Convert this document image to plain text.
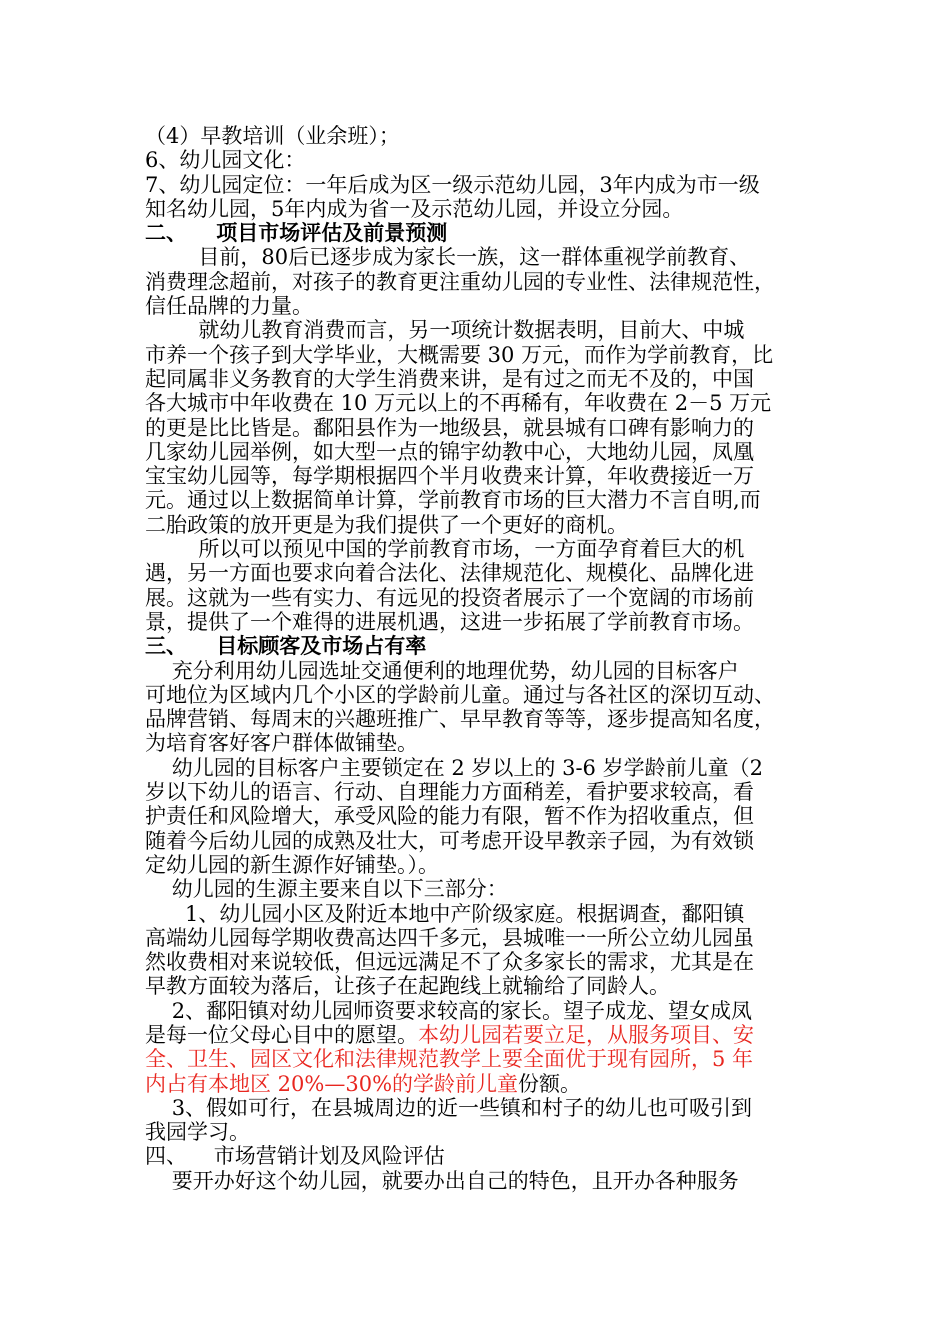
（4）早教培训（业余班）；
6、幼儿园文化：
7、幼儿园定位：一年后成为区一级示范幼儿园，3年内成为市一级
知名幼儿园，5年内成为省一及示范幼儿园，并设立分园。
二、    项目市场评估及前景预测
目前，80后已逐步成为家长一族，这一群体重视学前教育、
消费理念超前，对孩子的教育更注重幼儿园的专业性、法律规范性，
信任品牌的力量。
就幼儿教育消费而言，另一项统计数据表明，目前大、中城
市养一个孩子到大学毕业，大概需要 30 万元，而作为学前教育，比
起同属非义务教育的大学生消费来讲，是有过之而无不及的，中国
各大城市中年收费在 10 万元以上的不再稀有，年收费在 2－5 万元
的更是比比皆是。鄱阳县作为一地级县，就县城有口碑有影响力的
几家幼儿园举例，如大型一点的锦宇幼教中心，大地幼儿园，凤凰
宝宝幼儿园等，每学期根据四个半月收费来计算，年收费接近一万
元。通过以上数据简单计算，学前教育市场的巨大潜力不言自明,而
二胎政策的放开更是为我们提供了一个更好的商机。
所以可以预见中国的学前教育市场，一方面孕育着巨大的机
遇，另一方面也要求向着合法化、法律规范化、规模化、品牌化进
展。这就为一些有实力、有远见的投资者展示了一个宽阔的市场前
景，提供了一个难得的进展机遇，这进一步拓展了学前教育市场。
三、    目标顾客及市场占有率
充分利用幼儿园选址交通便利的地理优势，幼儿园的目标客户
可地位为区域内几个小区的学龄前儿童。通过与各社区的深切互动、
品牌营销、每周末的兴趣班推广、早早教育等等，逐步提高知名度，
为培育客好客户群体做铺垫。
幼儿园的目标客户主要锁定在 2 岁以上的 3-6 岁学龄前儿童（2
岁以下幼儿的语言、行动、自理能力方面稍差，看护要求较高，看
护责任和风险增大，承受风险的能力有限，暂不作为招收重点，但
随着今后幼儿园的成熟及壮大，可考虑开设早教亲子园，为有效锁
定幼儿园的新生源作好铺垫。）。
幼儿园的生源主要来自以下三部分：
1、幼儿园小区及附近本地中产阶级家庭。根据调查，鄱阳镇
高端幼儿园每学期收费高达四千多元，县城唯一一所公立幼儿园虽
然收费相对来说较低，但远远满足不了众多家长的需求，尤其是在
早教方面较为落后，让孩子在起跑线上就输给了同龄人。
2、鄱阳镇对幼儿园师资要求较高的家长。望子成龙、望女成凤
是每一位父母心目中的愿望。本幼儿园若要立足，从服务项目、安
全、卫生、园区文化和法律规范教学上要全面优于现有园所，5 年
内占有本地区 20%—30%的学龄前儿童份额。
3、假如可行，在县城周边的近一些镇和村子的幼儿也可吸引到
我园学习。
四、    市场营销计划及风险评估
要开办好这个幼儿园，就要办出自己的特色，且开办各种服务
